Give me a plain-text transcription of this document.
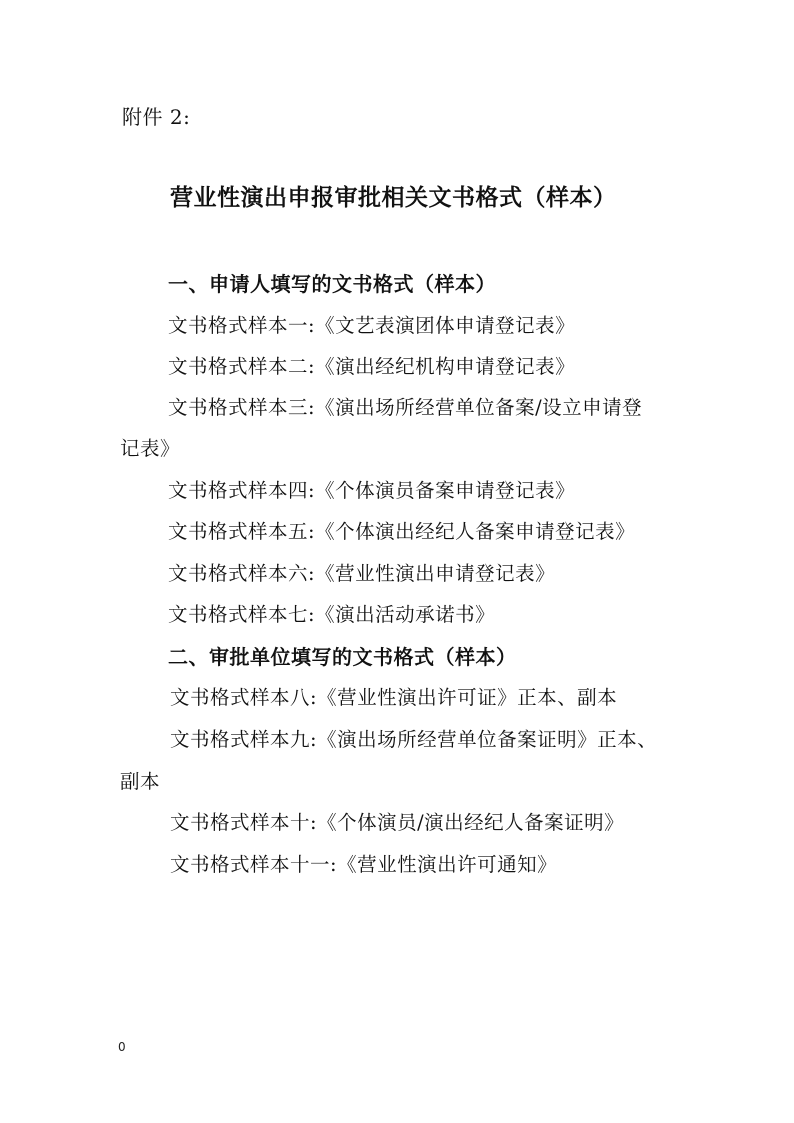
附件 2:
营业性演出申报审批相关文书格式（样本）
一、申请人填写的文书格式（样本）
文书格式样本一:《文艺表演团体申请登记表》
文书格式样本二:《演出经纪机构申请登记表》
文书格式样本三:《演出场所经营单位备案/设立申请登
记表》
文书格式样本四:《个体演员备案申请登记表》
文书格式样本五:《个体演出经纪人备案申请登记表》
文书格式样本六:《营业性演出申请登记表》
文书格式样本七:《演出活动承诺书》
二、审批单位填写的文书格式（样本）
文书格式样本八:《营业性演出许可证》正本、副本
文书格式样本九:《演出场所经营单位备案证明》正本、
副本
文书格式样本十:《个体演员/演出经纪人备案证明》
文书格式样本十一:《营业性演出许可通知》
0
